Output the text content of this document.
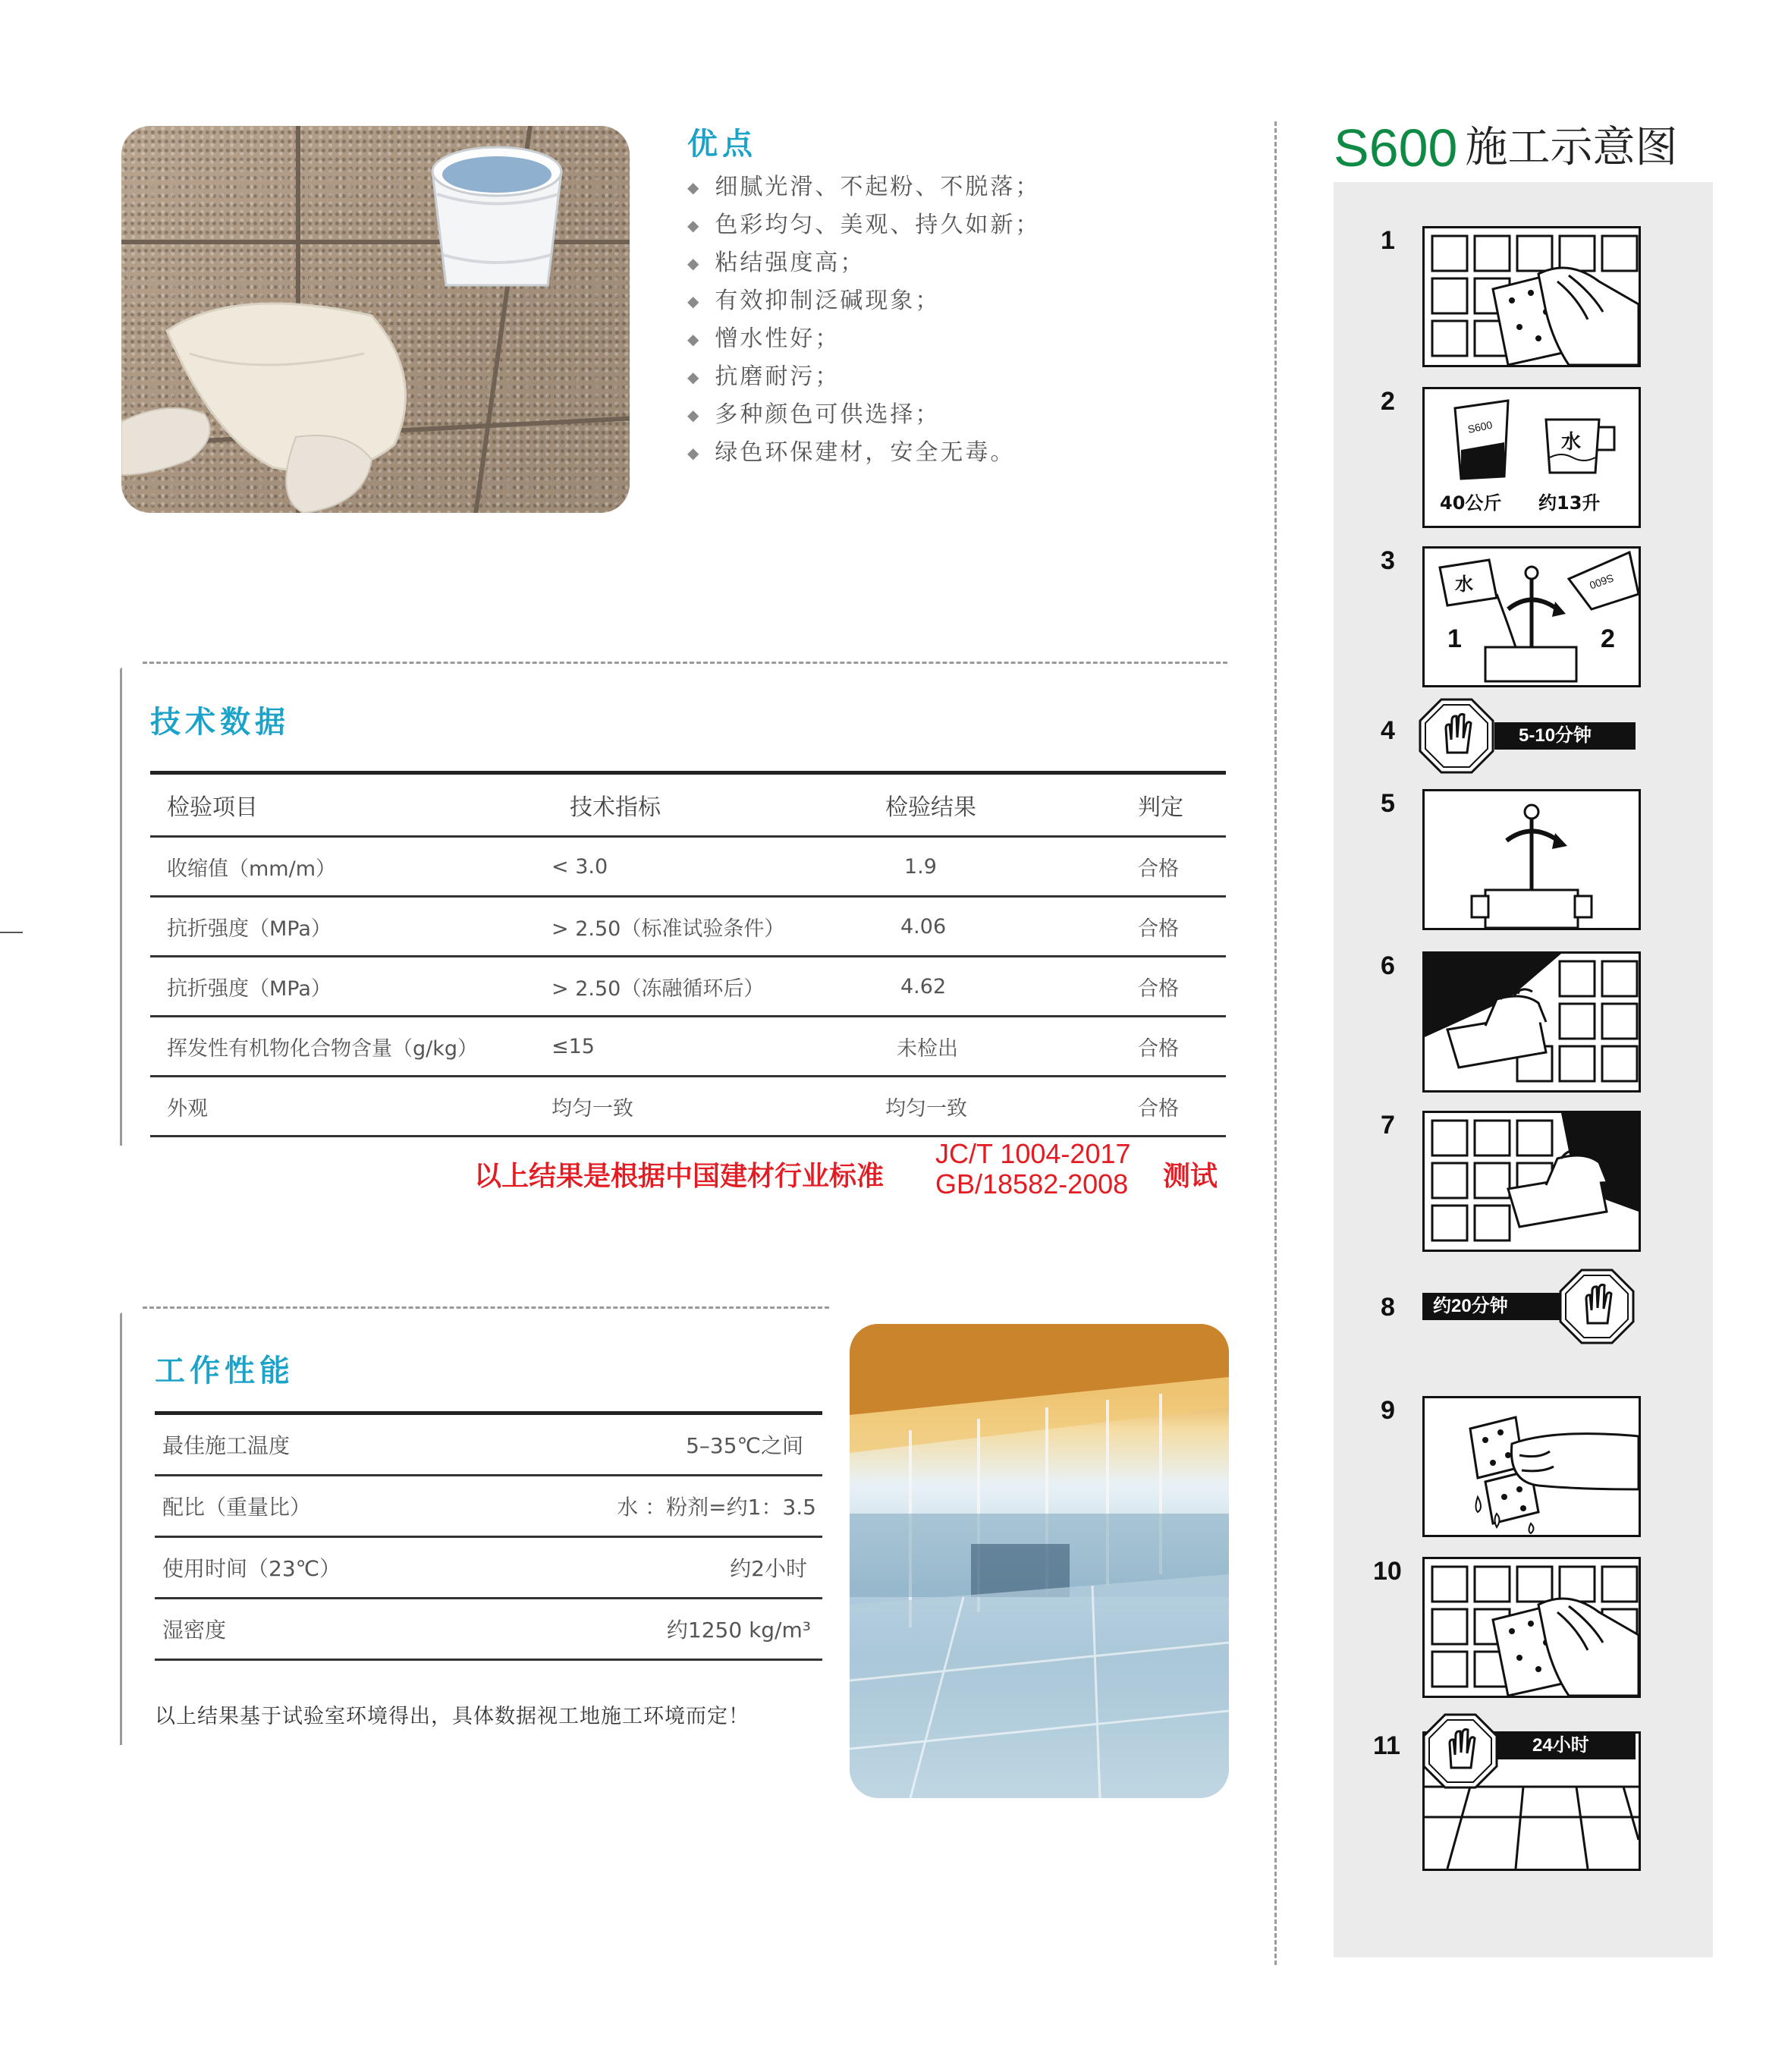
优点
◆ 细腻光滑、不起粉、不脱落；
◆ 色彩均匀、美观、持久如新；
◆ 粘结强度高；
◆ 有效抑制泛碱现象；
◆ 憎水性好；
◆ 抗磨耐污；
◆ 多种颜色可供选择；
◆ 绿色环保建材，安全无毒。
技术数据
检验项目	技术指标	检验结果	判定
收缩值（mm/m）	< 3.0	1.9	合格
抗折强度（MPa）	> 2.50（标准试验条件）	4.06	合格
抗折强度（MPa）	> 2.50（冻融循环后）	4.62	合格
挥发性有机物化合物含量（g/kg）	≤15	未检出	合格
外观	均匀一致	均匀一致	合格
以上结果是根据中国建材行业标准
JC/T 1004-2017
GB/18582-2008 测试
工作性能
最佳施工温度	5–35℃之间
配比（重量比）	水 ：粉剂=约1：3.5
使用时间（23℃）	约2小时
湿密度	约1250 kg/m³
以上结果基于试验室环境得出，具体数据视工地施工环境而定！
S600 施工示意图
1
2
3
4
5
6
7
8
9
10
11
S600
水
40公斤 约13升
水	S600
1	2
5-10分钟
约20分钟
24小时
